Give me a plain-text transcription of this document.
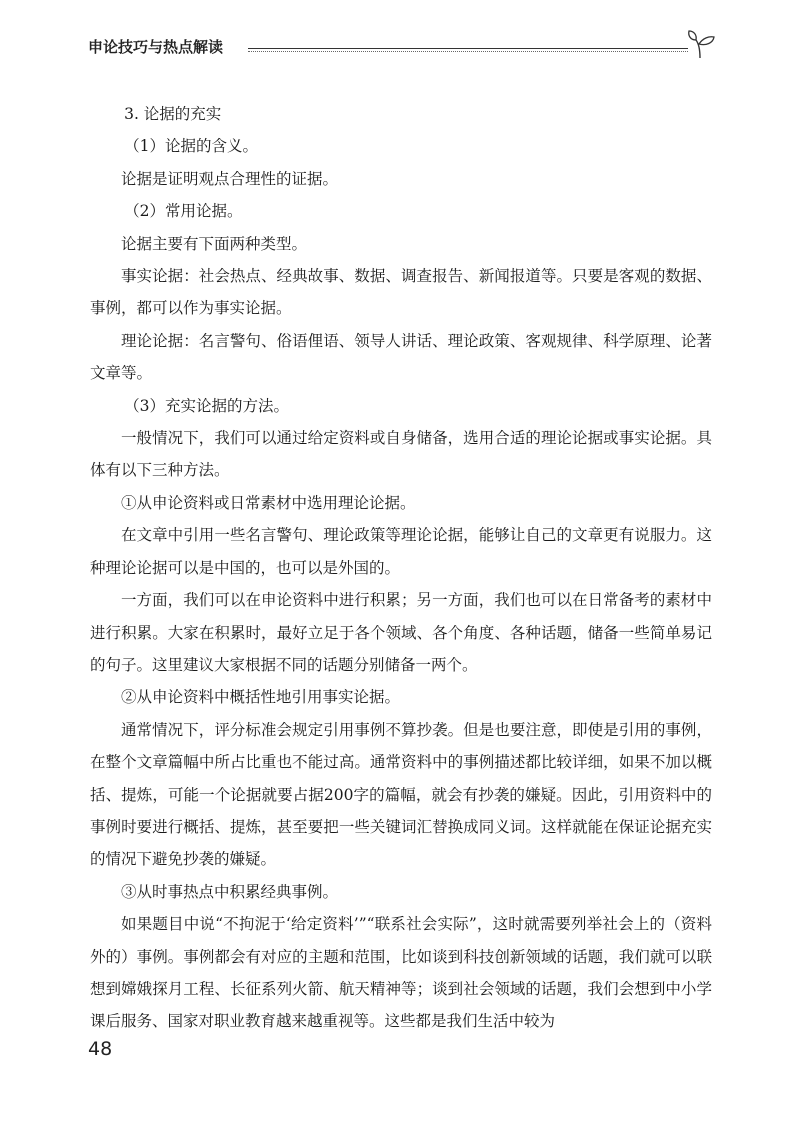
申论技巧与热点解读

3. 论据的充实

（1）论据的含义。

论据是证明观点合理性的证据。

（2）常用论据。

论据主要有下面两种类型。

事实论据：社会热点、经典故事、数据、调查报告、新闻报道等。只要是客观的数据、事例，都可以作为事实论据。

理论论据：名言警句、俗语俚语、领导人讲话、理论政策、客观规律、科学原理、论著文章等。

（3）充实论据的方法。

一般情况下，我们可以通过给定资料或自身储备，选用合适的理论论据或事实论据。具体有以下三种方法。

①从申论资料或日常素材中选用理论论据。

在文章中引用一些名言警句、理论政策等理论论据，能够让自己的文章更有说服力。这种理论论据可以是中国的，也可以是外国的。

一方面，我们可以在申论资料中进行积累；另一方面，我们也可以在日常备考的素材中进行积累。大家在积累时，最好立足于各个领域、各个角度、各种话题，储备一些简单易记的句子。这里建议大家根据不同的话题分别储备一两个。

②从申论资料中概括性地引用事实论据。

通常情况下，评分标准会规定引用事例不算抄袭。但是也要注意，即使是引用的事例，在整个文章篇幅中所占比重也不能过高。通常资料中的事例描述都比较详细，如果不加以概括、提炼，可能一个论据就要占据200字的篇幅，就会有抄袭的嫌疑。因此，引用资料中的事例时要进行概括、提炼，甚至要把一些关键词汇替换成同义词。这样就能在保证论据充实的情况下避免抄袭的嫌疑。

③从时事热点中积累经典事例。

如果题目中说“不拘泥于‘给定资料’”“联系社会实际”，这时就需要列举社会上的（资料外的）事例。事例都会有对应的主题和范围，比如谈到科技创新领域的话题，我们就可以联想到嫦娥探月工程、长征系列火箭、航天精神等；谈到社会领域的话题，我们会想到中小学课后服务、国家对职业教育越来越重视等。这些都是我们生活中较为

48
